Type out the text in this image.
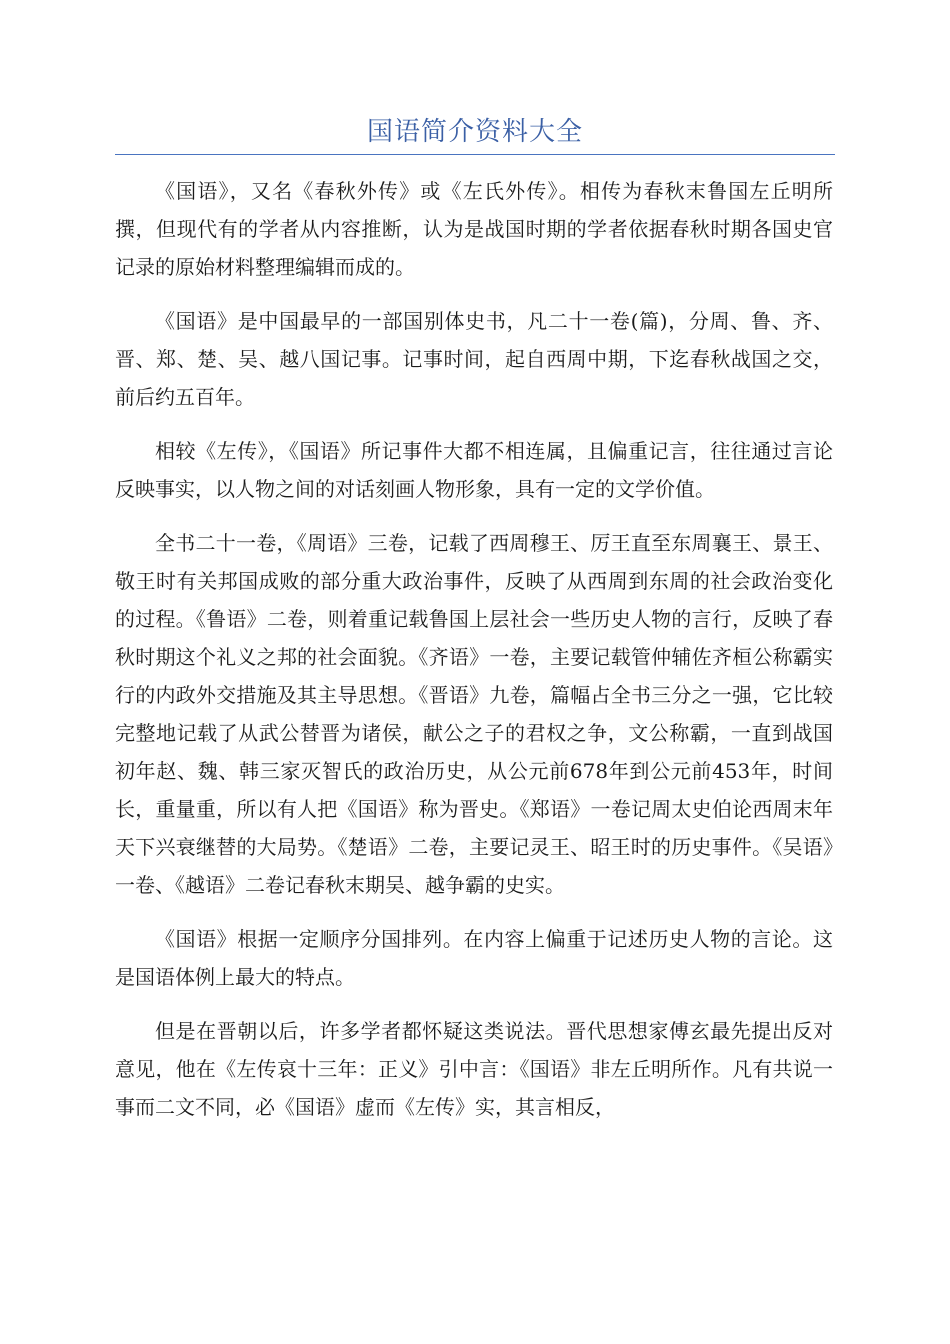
国语简介资料大全

《国语》，又名《春秋外传》或《左氏外传》。相传为春秋末鲁国左丘明所撰，但现代有的学者从内容推断，认为是战国时期的学者依据春秋时期各国史官记录的原始材料整理编辑而成的。

《国语》是中国最早的一部国别体史书，凡二十一卷(篇)，分周、鲁、齐、晋、郑、楚、吴、越八国记事。记事时间，起自西周中期，下迄春秋战国之交，前后约五百年。

相较《左传》，《国语》所记事件大都不相连属，且偏重记言，往往通过言论反映事实，以人物之间的对话刻画人物形象，具有一定的文学价值。

全书二十一卷，《周语》三卷，记载了西周穆王、厉王直至东周襄王、景王、敬王时有关邦国成败的部分重大政治事件，反映了从西周到东周的社会政治变化的过程。《鲁语》二卷，则着重记载鲁国上层社会一些历史人物的言行，反映了春秋时期这个礼义之邦的社会面貌。《齐语》一卷，主要记载管仲辅佐齐桓公称霸实行的内政外交措施及其主导思想。《晋语》九卷，篇幅占全书三分之一强，它比较完整地记载了从武公替晋为诸侯，献公之子的君权之争，文公称霸，一直到战国初年赵、魏、韩三家灭智氏的政治历史，从公元前678年到公元前453年，时间长，重量重，所以有人把《国语》称为晋史。《郑语》一卷记周太史伯论西周末年天下兴衰继替的大局势。《楚语》二卷，主要记灵王、昭王时的历史事件。《吴语》一卷、《越语》二卷记春秋末期吴、越争霸的史实。

《国语》根据一定顺序分国排列。在内容上偏重于记述历史人物的言论。这是国语体例上最大的特点。

但是在晋朝以后，许多学者都怀疑这类说法。晋代思想家傅玄最先提出反对意见，他在《左传哀十三年：正义》引中言：《国语》非左丘明所作。凡有共说一事而二文不同，必《国语》虚而《左传》实，其言相反，
